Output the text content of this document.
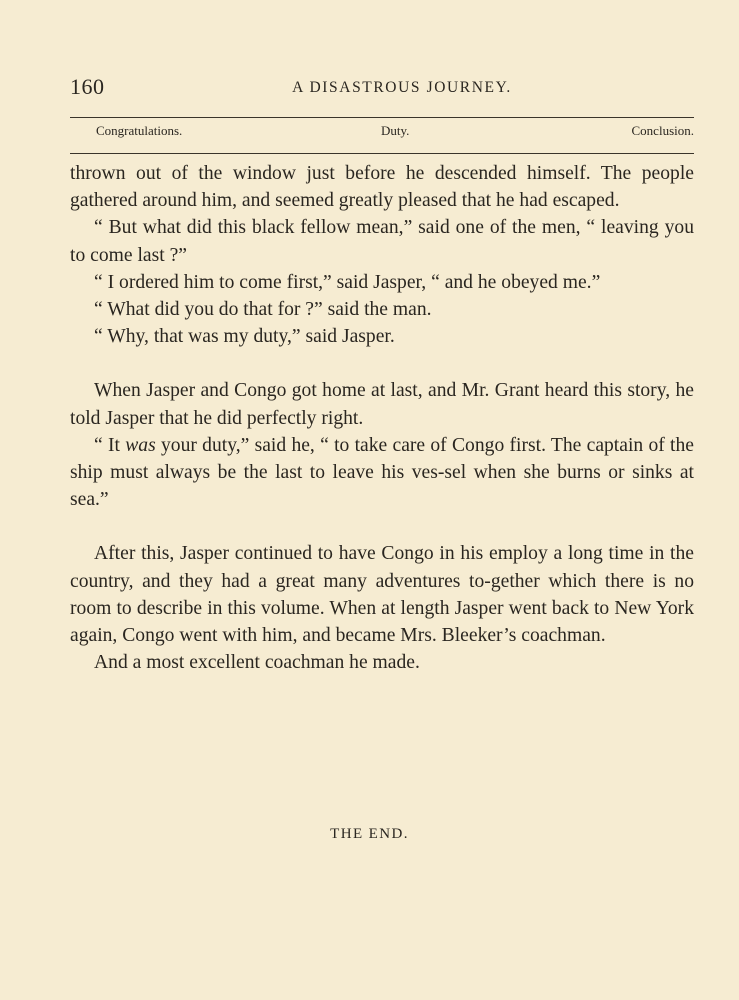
160	A DISASTROUS JOURNEY.
Congratulations.	Duty.	Conclusion.

thrown out of the window just before he descended himself. The people gathered around him, and seemed greatly pleased that he had escaped.

“ But what did this black fellow mean,” said one of the men, “ leaving you to come last ?”

“ I ordered him to come first,” said Jasper, “ and he obeyed me.”

“ What did you do that for ?” said the man.

“ Why, that was my duty,” said Jasper.

When Jasper and Congo got home at last, and Mr. Grant heard this story, he told Jasper that he did perfectly right.

“ It was your duty,” said he, “ to take care of Congo first. The captain of the ship must always be the last to leave his ves-sel when she burns or sinks at sea.”

After this, Jasper continued to have Congo in his employ a long time in the country, and they had a great many adventures to-gether which there is no room to describe in this volume. When at length Jasper went back to New York again, Congo went with him, and became Mrs. Bleeker’s coachman.

And a most excellent coachman he made.

THE END.
